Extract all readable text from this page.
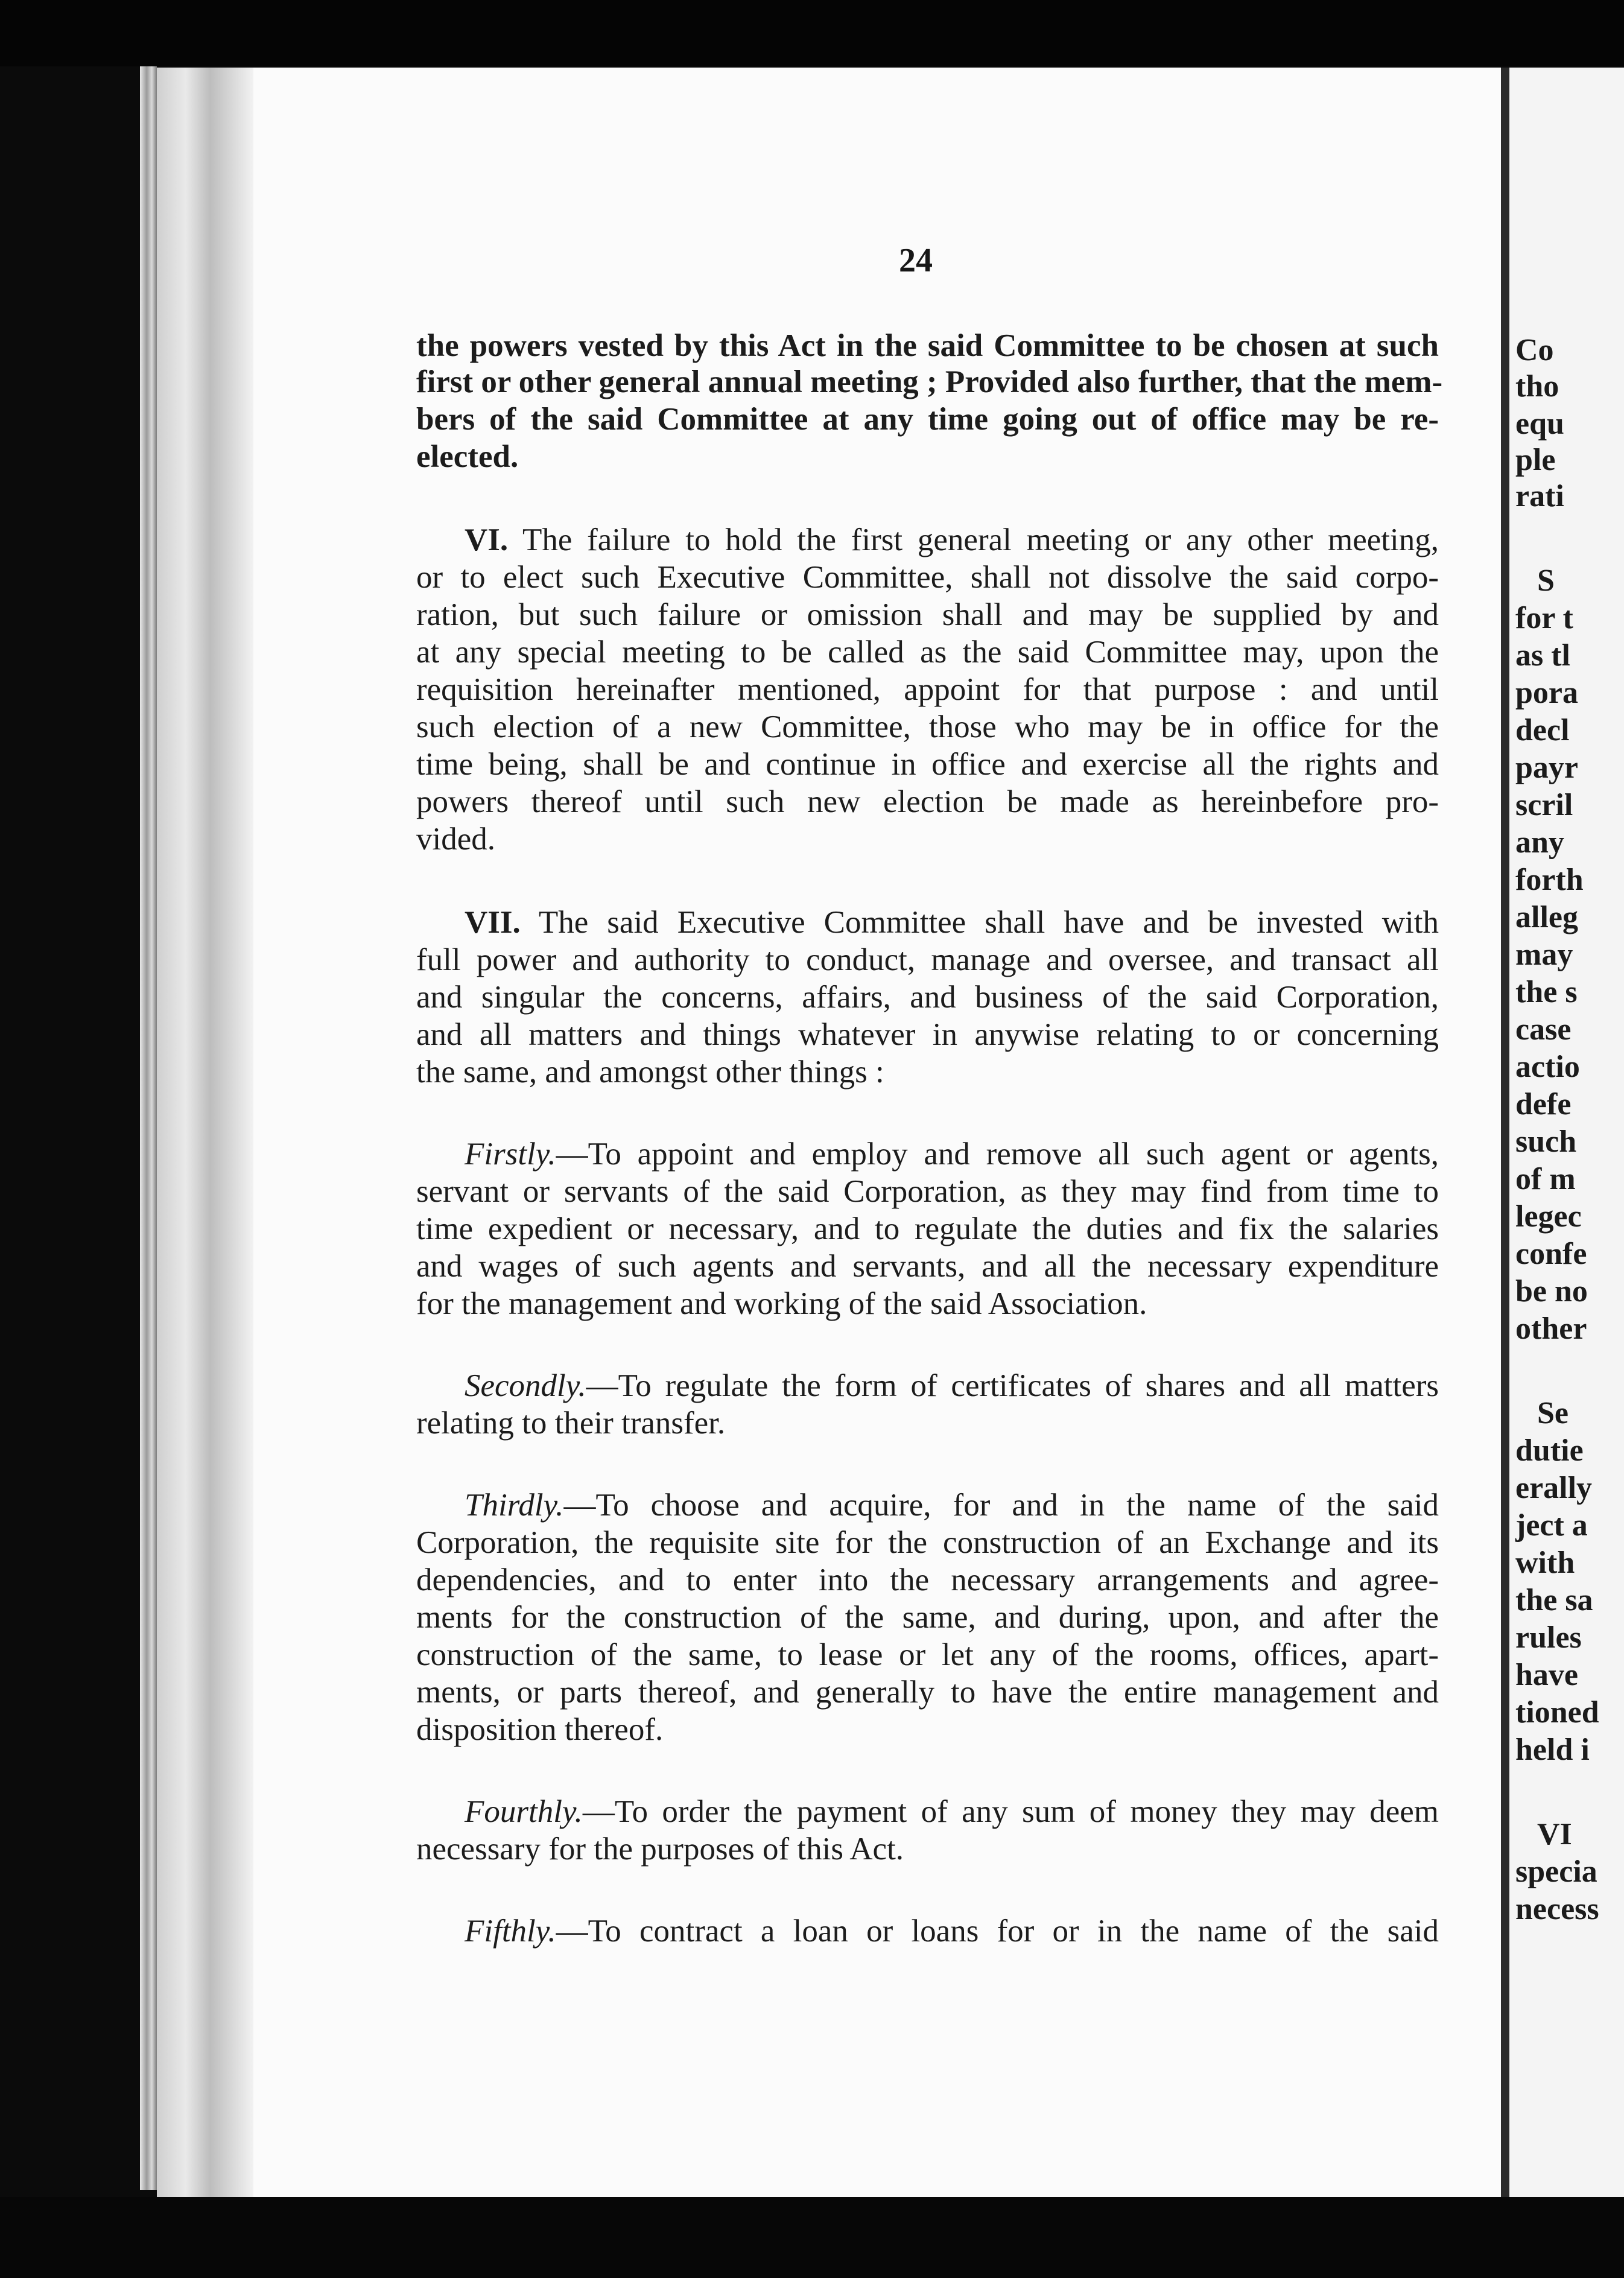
Co
tho
equ
ple
rati
S
for t
as tl
pora
decl
payr
scril
any
forth
alleg
may
the s
case
actio
defe
such
of m
legec
confe
be no
other
Se
dutie
erally
ject a
with
the sa
rules
have
tioned
held i
VI
specia
necess
24
the powers vested by this Act in the said Committee to be chosen at such
first or other general annual meeting ; Provided also further, that the mem-
bers of the said Committee at any time going out of office may be re-
elected.
VI. The failure to hold the first general meeting or any other meeting,
or to elect such Executive Committee, shall not dissolve the said corpo-
ration, but such failure or omission shall and may be supplied by and
at any special meeting to be called as the said Committee may, upon the
requisition hereinafter mentioned, appoint for that purpose : and until
such election of a new Committee, those who may be in office for the
time being, shall be and continue in office and exercise all the rights and
powers thereof until such new election be made as hereinbefore pro-
vided.
VII. The said Executive Committee shall have and be invested with
full power and authority to conduct, manage and oversee, and transact all
and singular the concerns, affairs, and business of the said Corporation,
and all matters and things whatever in anywise relating to or concerning
the same, and amongst other things :
Firstly.—To appoint and employ and remove all such agent or agents,
servant or servants of the said Corporation, as they may find from time to
time expedient or necessary, and to regulate the duties and fix the salaries
and wages of such agents and servants, and all the necessary expenditure
for the management and working of the said Association.
Secondly.—To regulate the form of certificates of shares and all matters
relating to their transfer.
Thirdly.—To choose and acquire, for and in the name of the said
Corporation, the requisite site for the construction of an Exchange and its
dependencies, and to enter into the necessary arrangements and agree-
ments for the construction of the same, and during, upon, and after the
construction of the same, to lease or let any of the rooms, offices, apart-
ments, or parts thereof, and generally to have the entire management and
disposition thereof.
Fourthly.—To order the payment of any sum of money they may deem
necessary for the purposes of this Act.
Fifthly.—To contract a loan or loans for or in the name of the said
